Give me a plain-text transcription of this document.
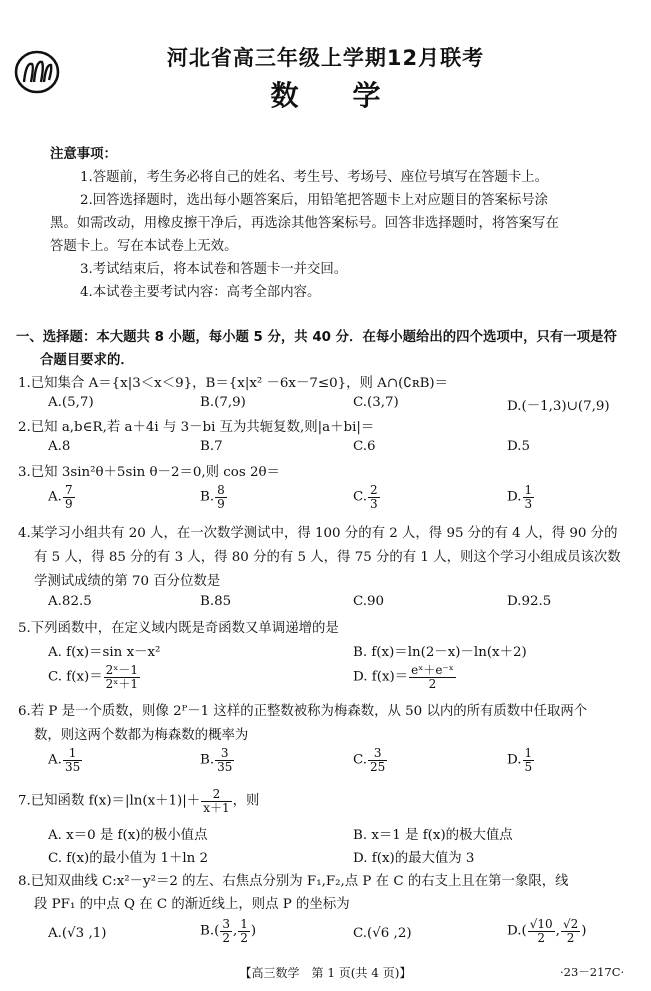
河北省高三年级上学期12月联考
数学
注意事项：
1.答题前，考生务必将自己的姓名、考生号、考场号、座位号填写在答题卡上。
2.回答选择题时，选出每小题答案后，用铅笔把答题卡上对应题目的答案标号涂
黑。如需改动，用橡皮擦干净后，再选涂其他答案标号。回答非选择题时，将答案写在
答题卡上。写在本试卷上无效。
3.考试结束后，将本试卷和答题卡一并交回。
4.本试卷主要考试内容：高考全部内容。
一、选择题：本大题共 8 小题，每小题 5 分，共 40 分．在每小题给出的四个选项中，只有一项是符
合题目要求的．
1.已知集合 A＝{x|3＜x＜9}，B＝{x|x² －6x－7≤0}，则 A∩(∁ʀB)＝
A.(5,7)	B.(7,9)	C.(3,7)	D.(－1,3)∪(7,9)
2.已知 a,b∈R,若 a＋4i 与 3－bi 互为共轭复数,则|a＋bi|＝
A.8	B.7	C.6	D.5
3.已知 3sin²θ＋5sin θ－2＝0,则 cos 2θ＝
A. $\frac{7}{9}$	B. $\frac{8}{9}$	C. $\frac{2}{3}$	D. $\frac{1}{3}$
4.某学习小组共有 20 人，在一次数学测试中，得 100 分的有 2 人，得 95 分的有 4 人，得 90 分的
有 5 人，得 85 分的有 3 人，得 80 分的有 5 人，得 75 分的有 1 人，则这个学习小组成员该次数
学测试成绩的第 70 百分位数是
A.82.5	B.85	C.90	D.92.5
5.下列函数中，在定义域内既是奇函数又单调递增的是
A. f(x)＝sin x－x²	B. f(x)＝ln(2－x)－ln(x＋2)
C. $f(x)= \frac{\text{2ˣ－1}}{\text{2ˣ＋1}}$	D. $f(x)= \frac{\text{eˣ＋e⁻ˣ}}{2}$
6.若 P 是一个质数，则像 2ᴾ－1 这样的正整数被称为梅森数，从 50 以内的所有质数中任取两个
数，则这两个数都为梅森数的概率为
A. $\frac{1}{35}$	B. $\frac{3}{35}$	C. $\frac{3}{25}$	D. $\frac{1}{5}$
7.已知函数 $f(x)=|\ln(x+1)|+ \frac{2}{x+1}$ ，则
A. x＝0 是 f(x)的极小值点	B. x＝1 是 f(x)的极大值点
C. f(x)的最小值为 1＋ln 2	D. f(x)的最大值为 3
8.已知双曲线 C:x²－y²＝2 的左、右焦点分别为 F₁,F₂,点 P 在 C 的右支上且在第一象限，线
段 PF₁ 的中点 Q 在 C 的渐近线上，则点 P 的坐标为
A.(√3 ,1)	$B.( \frac{3}{2}$ , $\frac{1}{2}$ )	C.(√6 ,2)	$D.( \frac{√10}{2}$ , $\frac{√2}{2}$ )
【高三数学　第 1 页(共 4 页)】	·23－217C·
